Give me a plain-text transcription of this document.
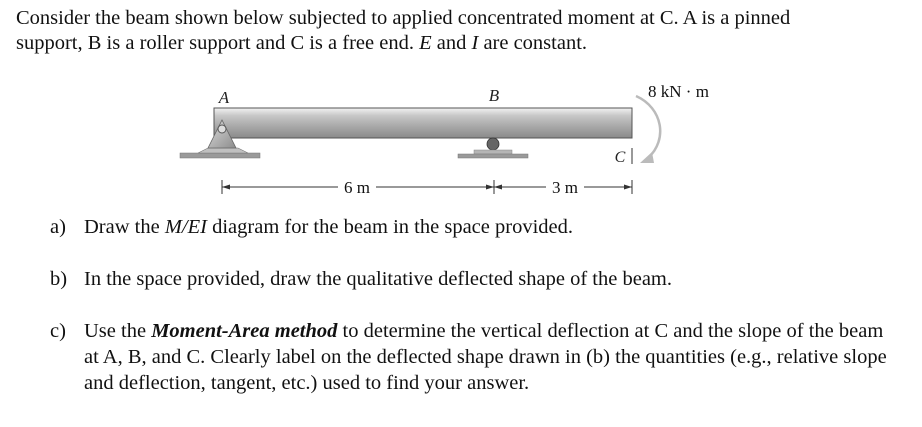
Consider the beam shown below subjected to applied concentrated moment at C. A is a pinned
support, B is a roller support and C is a free end. E and I are constant.

A	B
C
8 kN · m
6 m	3 m
a) Draw the M/EI diagram for the beam in the space provided.
b) In the space provided, draw the qualitative deflected shape of the beam.
c) Use the Moment-Area method to determine the vertical deflection at C and the slope of the beam at A, B, and C. Clearly label on the deflected shape drawn in (b) the quantities (e.g., relative slope and deflection, tangent, etc.) used to find your answer.
